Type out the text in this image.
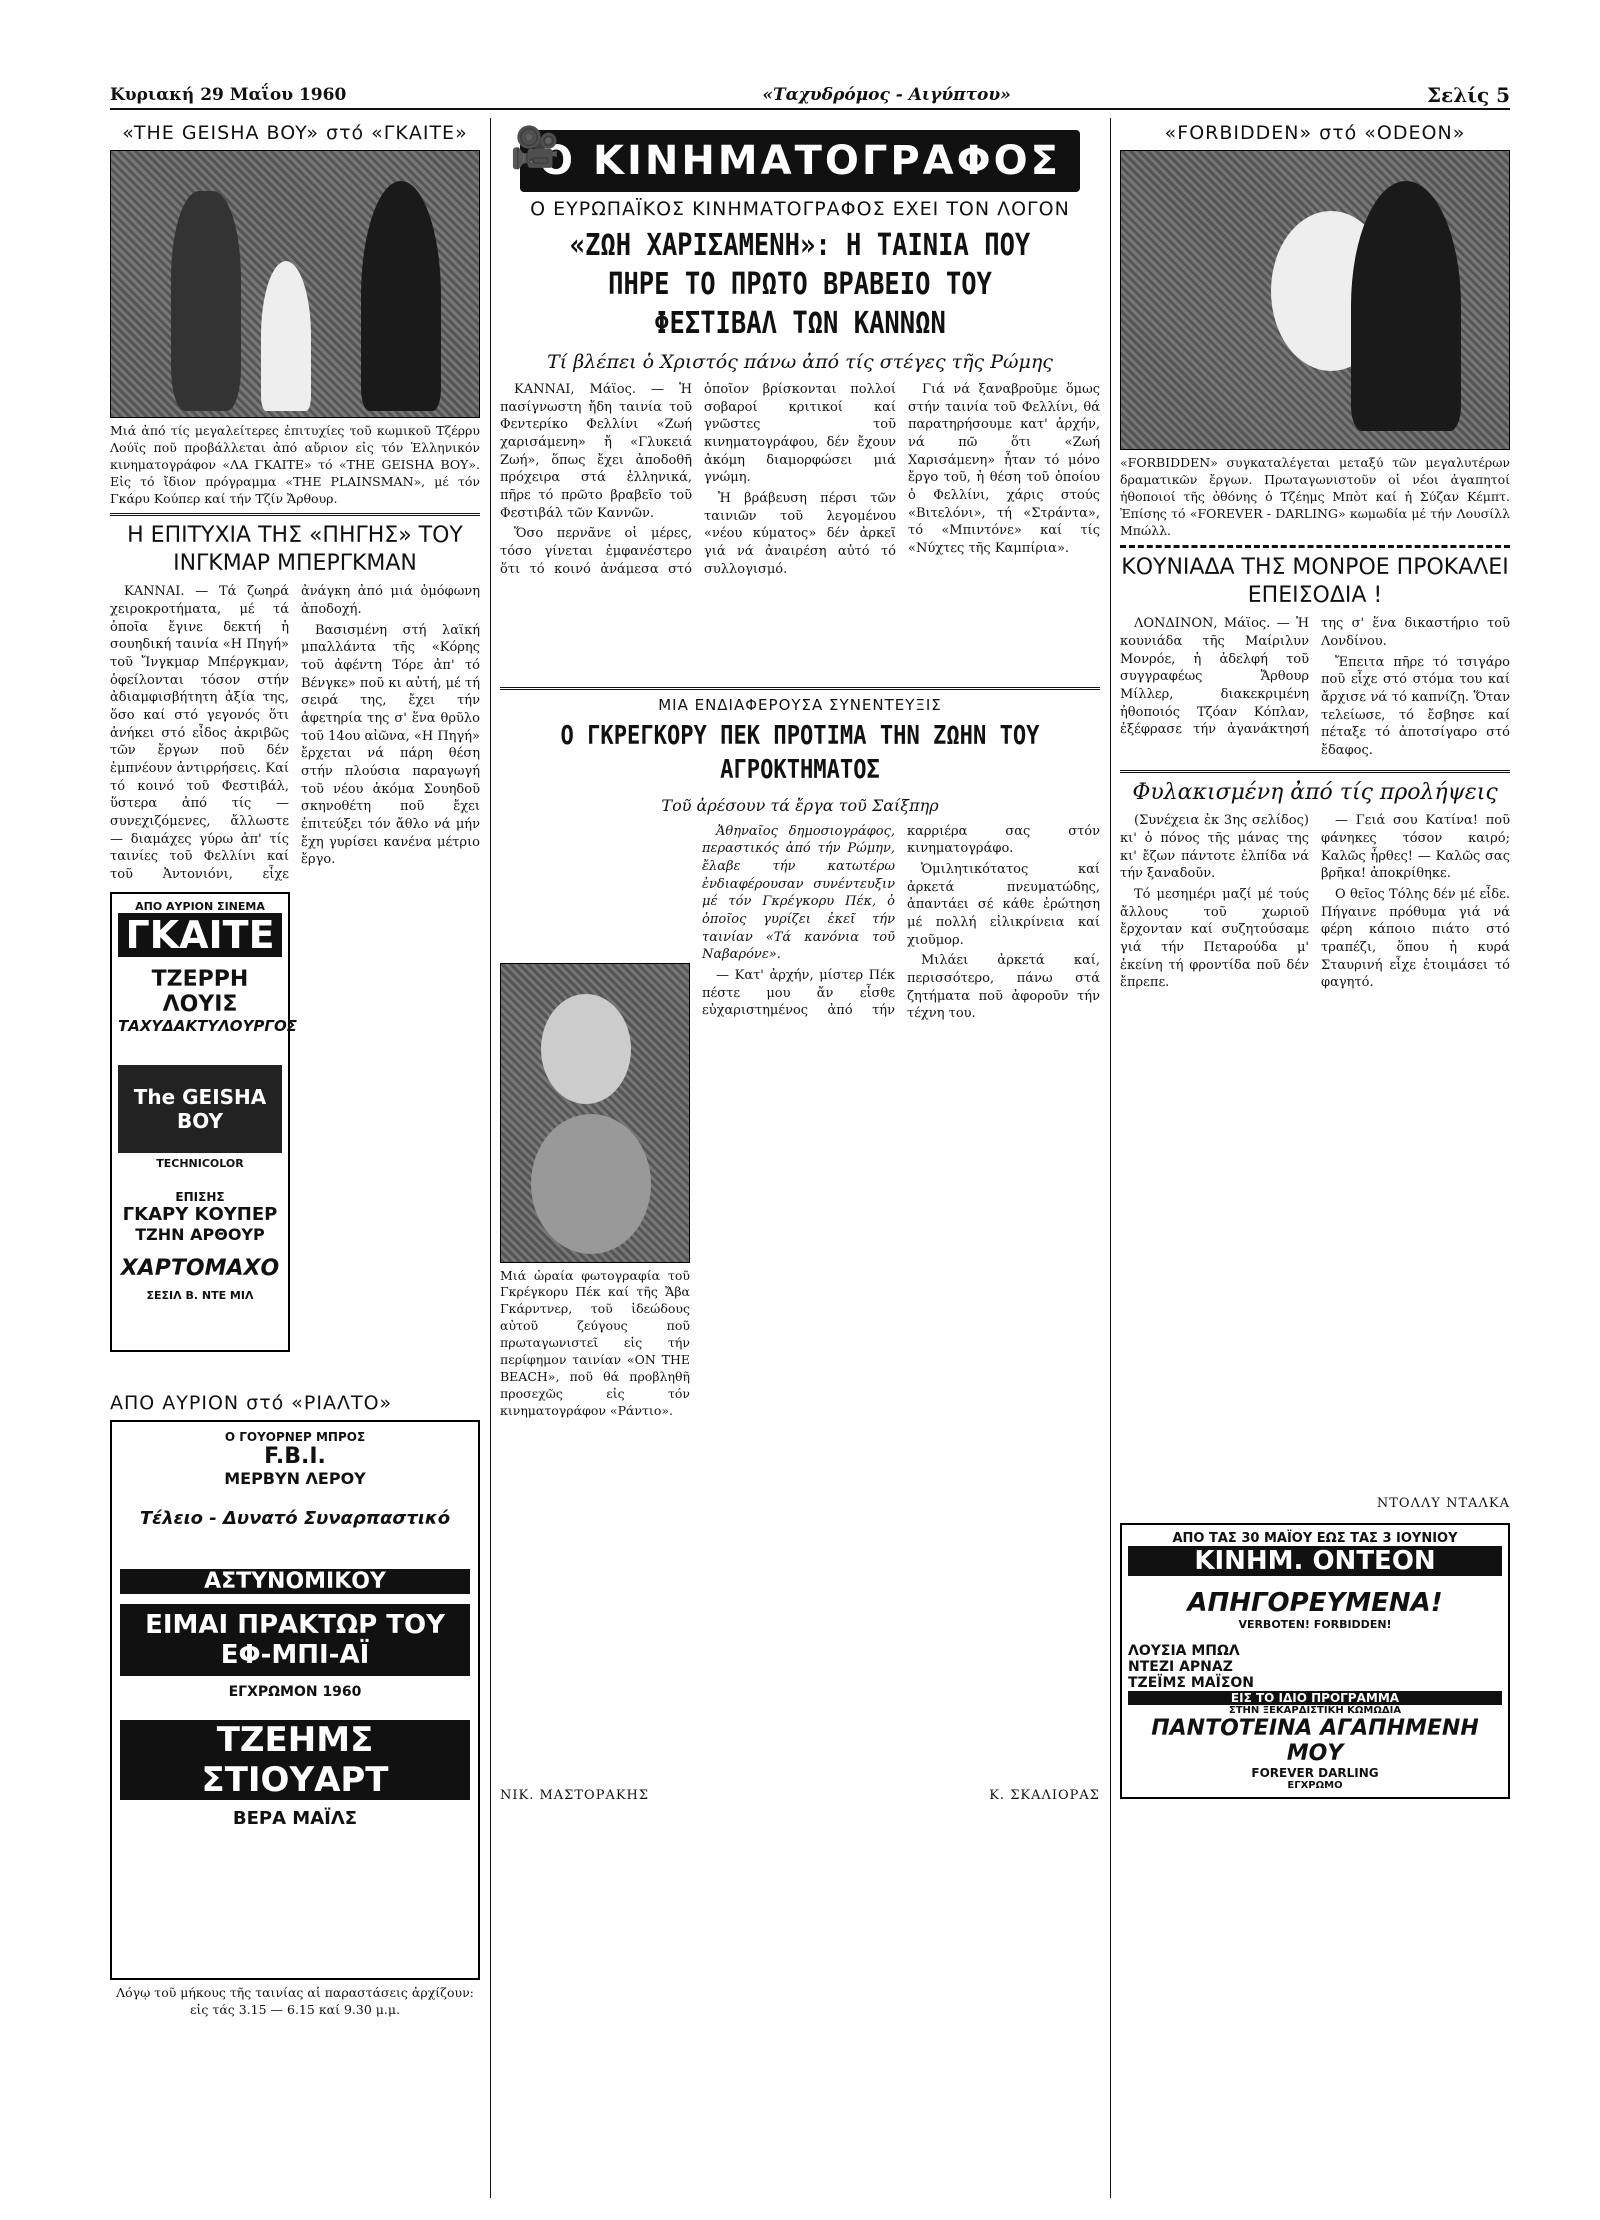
Κυριακή 29 Μαΐου 1960	«Ταχυδρόμος - Αιγύπτου»	Σελίς 5
«THE GEISHA BOY» στό «ΓΚΑΙΤΕ»

Μιά ἀπό τίς μεγαλείτερες ἐπιτυχίες τοῦ κωμικοῦ Τζέρρυ Λούϊς ποῦ προβάλλεται ἀπό αὔριον εἰς τόν Ἑλληνικόν κινηματογράφον «ΛΑ ΓΚΑΙΤΕ» τό «THE GEISHA BOY». Εἰς τό ἴδιον πρόγραμμα «THE PLAINSMAN», μέ τόν Γκάρυ Κούπερ καί τήν Τζίν Ἄρθουρ.

Η ΕΠΙΤΥΧΙΑ ΤΗΣ «ΠΗΓΗΣ» ΤΟΥ ΙΝΓΚΜΑΡ ΜΠΕΡΓΚΜΑΝ

ΚΑΝΝΑΙ. — Τά ζωηρά χειροκροτήματα, μέ τά ὁποῖα ἔγινε δεκτή ἡ σουηδική ταινία «Η Πηγή» τοῦ Ἴνγκμαρ Μπέργκμαν, ὀφείλονται τόσον στήν ἀδιαμφισβήτητη ἀξία της, ὅσο καί στό γεγονός ὅτι ἀνήκει στό εἶδος ἀκριβῶς τῶν ἔργων ποῦ δέν ἐμπνέουν ἀντιρρήσεις. Καί τό κοινό τοῦ Φεστιβάλ, ὕστερα ἀπό τίς — συνεχιζόμενες, ἄλλωστε — διαμάχες γύρω ἀπ' τίς ταινίες τοῦ Φελλίνι καί τοῦ Ἀντονιόνι, εἶχε ἀνάγκη ἀπό μιά ὁμόφωνη ἀποδοχή.

Βασισμένη στή λαϊκή μπαλλάντα τῆς «Κόρης τοῦ ἀφέντη Τόρε ἀπ' τό Βένγκε» ποῦ κι αὐτή, μέ τή σειρά της, ἔχει τήν ἀφετηρία της σ' ἕνα θρῦλο τοῦ 14ου αἰῶνα, «Η Πηγή» ἔρχεται νά πάρη θέση στήν πλούσια παραγωγή τοῦ νέου ἀκόμα Σουηδοῦ σκηνοθέτη ποῦ ἔχει ἐπιτεύξει τόν ἄθλο νά μήν ἔχη γυρίσει κανένα μέτριο ἔργο.

ΑΠΟ ΑΥΡΙΟΝ ΣΙΝΕΜΑ
ΓΚΑΙΤΕ
ΤΖΕΡΡΗ ΛΟΥΙΣ
ΤΑΧΥΔΑΚΤΥΛΟΥΡΓΟΣ
The GEISHA BOY
TECHNICOLOR
ΕΠΙΣΗΣ
ΓΚΑΡΥ ΚΟΥΠΕΡ
ΤΖΗΝ ΑΡΘΟΥΡ
ΧΑΡΤΟΜΑΧΟ
ΣΕΣΙΛ Β. ΝΤΕ ΜΙΛ
ΑΠΟ ΑΥΡΙΟΝ στό «ΡΙΑΛΤΟ»
Ο ΓΟΥΟΡΝΕΡ ΜΠΡΟΣ
F.B.I.
ΜΕΡΒΥΝ ΛΕΡΟΥ
Τέλειο - Δυνατό Συναρπαστικό
ΑΣΤΥΝΟΜΙΚΟΥ
ΕΙΜΑΙ ΠΡΑΚΤΩΡ ΤΟΥ ΕΦ-ΜΠΙ-ΑΪ
ΕΓΧΡΩΜΟΝ 1960
ΤΖΕΗΜΣ ΣΤΙΟΥΑΡΤ
ΒΕΡΑ ΜΑΪΛΣ

Λόγῳ τοῦ μήκους τῆς ταινίας αἱ παραστάσεις ἀρχίζουν: εἰς τάς 3.15 — 6.15 καί 9.30 μ.μ.

🎥
Ο ΚΙΝΗΜΑΤΟΓΡΑΦΟΣ
Ο ΕΥΡΩΠΑΪΚΟΣ ΚΙΝΗΜΑΤΟΓΡΑΦΟΣ ΕΧΕΙ ΤΟΝ ΛΟΓΟΝ
«ΖΩΗ ΧΑΡΙΣΑΜΕΝΗ»: Η ΤΑΙΝΙΑ ΠΟΥ ΠΗΡΕ ΤΟ ΠΡΩΤΟ ΒΡΑΒΕΙΟ ΤΟΥ ΦΕΣΤΙΒΑΛ ΤΩΝ ΚΑΝΝΩΝ
Τί βλέπει ὁ Χριστός πάνω ἀπό τίς στέγες τῆς Ρώμης

ΚΑΝΝΑΙ, Μάϊος. — Ἡ πασίγνωστη ἤδη ταινία τοῦ Φεντερίκο Φελλίνι «Ζωή χαρισάμενη» ἤ «Γλυκειά Ζωή», ὅπως ἔχει ἀποδοθῆ πρόχειρα στά ἑλληνικά, πῆρε τό πρῶτο βραβεῖο τοῦ Φεστιβάλ τῶν Καννῶν.

Ὅσο περνᾶνε οἱ μέρες, τόσο γίνεται ἐμφανέστερο ὅτι τό κοινό ἀνάμεσα στό ὁποῖον βρίσκονται πολλοί σοβαροί κριτικοί καί γνῶστες τοῦ κινηματογράφου, δέν ἔχουν ἀκόμη διαμορφώσει μιά γνώμη.

Ἡ βράβευση πέρσι τῶν ταινιῶν τοῦ λεγομένου «νέου κύματος» δέν ἀρκεῖ γιά νά ἀναιρέση αὐτό τό συλλογισμό.

Γιά νά ξαναβροῦμε ὅμως στήν ταινία τοῦ Φελλίνι, θά παρατηρήσουμε κατ' ἀρχήν, νά πῶ ὅτι «Ζωή Χαρισάμενη» ἦταν τό μόνο ἔργο τοῦ, ἡ θέση τοῦ ὁποίου ὁ Φελλίνι, χάρις στούς «Βιτελόνι», τή «Στράντα», τό «Μπιντόνε» καί τίς «Νύχτες τῆς Καμπίρια».

ΜΙΑ ΕΝΔΙΑΦΕΡΟΥΣΑ ΣΥΝΕΝΤΕΥΞΙΣ
Ο ΓΚΡΕΓΚΟΡΥ ΠΕΚ ΠΡΟΤΙΜΑ ΤΗΝ ΖΩΗΝ ΤΟΥ ΑΓΡΟΚΤΗΜΑΤΟΣ
Τοῦ ἀρέσουν τά ἔργα τοῦ Σαίξπηρ

Μιά ὡραία φωτογραφία τοῦ Γκρέγκορυ Πέκ καί τῆς Ἄβα Γκάρντνερ, τοῦ ἰδεώδους αὐτοῦ ζεύγους ποῦ πρωταγωνιστεῖ εἰς τήν περίφημον ταινίαν «ON THE BEACH», ποῦ θά προβληθῆ προσεχῶς εἰς τόν κινηματογράφον «Ράντιο».

Ἀθηναῖος δημοσιογράφος, περαστικός ἀπό τήν Ρώμην, ἔλαβε τήν κατωτέρω ἐνδιαφέρουσαν συνέντευξιν μέ τόν Γκρέγκορυ Πέκ, ὁ ὁποῖος γυρίζει ἐκεῖ τήν ταινίαν «Τά κανόνια τοῦ Ναβαρόνε».

— Κατ' ἀρχήν, μίστερ Πέκ πέστε μου ἄν εἶσθε εὐχαριστημένος ἀπό τήν καρριέρα σας στόν κινηματογράφο.

Ὁμιλητικότατος καί ἀρκετά πνευματώδης, ἀπαντάει σέ κάθε ἐρώτηση μέ πολλή εἰλικρίνεια καί χιοῦμορ.

Μιλάει ἀρκετά καί, περισσότερο, πάνω στά ζητήματα ποῦ ἀφοροῦν τήν τέχνη του.

ΝΙΚ. ΜΑΣΤΟΡΑΚΗΣ	Κ. ΣΚΑΛΙΟΡΑΣ
«FORBIDDEN» στό «ODEON»

«FORBIDDEN» συγκαταλέγεται μεταξύ τῶν μεγαλυτέρων δραματικῶν ἔργων. Πρωταγωνιστοῦν οἱ νέοι ἀγαπητοί ἠθοποιοί τῆς ὀθόνης ὁ Τζέημς Μπὸτ καί ἡ Σύζαν Κέμπτ. Ἐπίσης τό «FOREVER - DARLING» κωμωδία μέ τήν Λουσίλλ Μπώλλ.

ΚΟΥΝΙΑΔΑ ΤΗΣ ΜΟΝΡΟΕ ΠΡΟΚΑΛΕΙ ΕΠΕΙΣΟΔΙΑ !

ΛΟΝΔΙΝΟΝ, Μάϊος. — Ἡ κουνιάδα τῆς Μαίριλυν Μονρόε, ἡ ἀδελφή τοῦ συγγραφέως Ἄρθουρ Μίλλερ, διακεκριμένη ἠθοποιός Τζόαν Κόπλαν, ἐξέφρασε τήν ἀγανάκτησή της σ' ἕνα δικαστήριο τοῦ Λονδίνου.

Ἔπειτα πῆρε τό τσιγάρο ποῦ εἶχε στό στόμα του καί ἄρχισε νά τό καπνίζη. Ὅταν τελείωσε, τό ἔσβησε καί πέταξε τό ἀποτσίγαρο στό ἔδαφος.

Φυλακισμένη ἀπό τίς προλήψεις

(Συνέχεια ἐκ 3ης σελίδος) κι' ὁ πόνος τῆς μάνας της κι' ἔζων πάντοτε ἐλπίδα νά τήν ξαναδοῦν.

Τό μεσημέρι μαζί μέ τούς ἄλλους τοῦ χωριοῦ ἔρχονταν καί συζητούσαμε γιά τήν Πεταρούδα μ' ἐκείνη τή φροντίδα ποῦ δέν ἔπρεπε.

— Γειά σου Κατίνα! ποῦ φάνηκες τόσον καιρό; Καλῶς ἦρθες! — Καλῶς σας βρῆκα! ἀποκρίθηκε.

Ο θεῖος Τόλης δέν μέ εἶδε. Πήγαινε πρόθυμα γιά νά φέρη κάποιο πιάτο στό τραπέζι, ὅπου ἡ κυρά Σταυρινή εἶχε ἑτοιμάσει τό φαγητό.

ΝΤΟΛΛΥ ΝΤΑΛΚΑ
ΑΠΟ ΤΑΣ 30 ΜΑΪΟΥ ΕΩΣ ΤΑΣ 3 ΙΟΥΝΙΟΥ
ΚΙΝΗΜ. ΟΝΤΕΟΝ
ΑΠΗΓΟΡΕΥΜΕΝΑ!
VERBOTEN! FORBIDDEN!
ΛΟΥΣΙΑ ΜΠΩΛ
ΝΤΕΖΙ ΑΡΝΑΖ
ΤΖΕΪΜΣ ΜΑΪΣΟΝ
ΕΙΣ ΤΟ ΙΔΙΟ ΠΡΟΓΡΑΜΜΑ
ΣΤΗΝ ΞΕΚΑΡΔΙΣΤΙΚΗ ΚΩΜΩΔΙΑ
ΠΑΝΤΟΤΕΙΝΑ ΑΓΑΠΗΜΕΝΗ ΜΟΥ
FOREVER DARLING
ΕΓΧΡΩΜΟ
